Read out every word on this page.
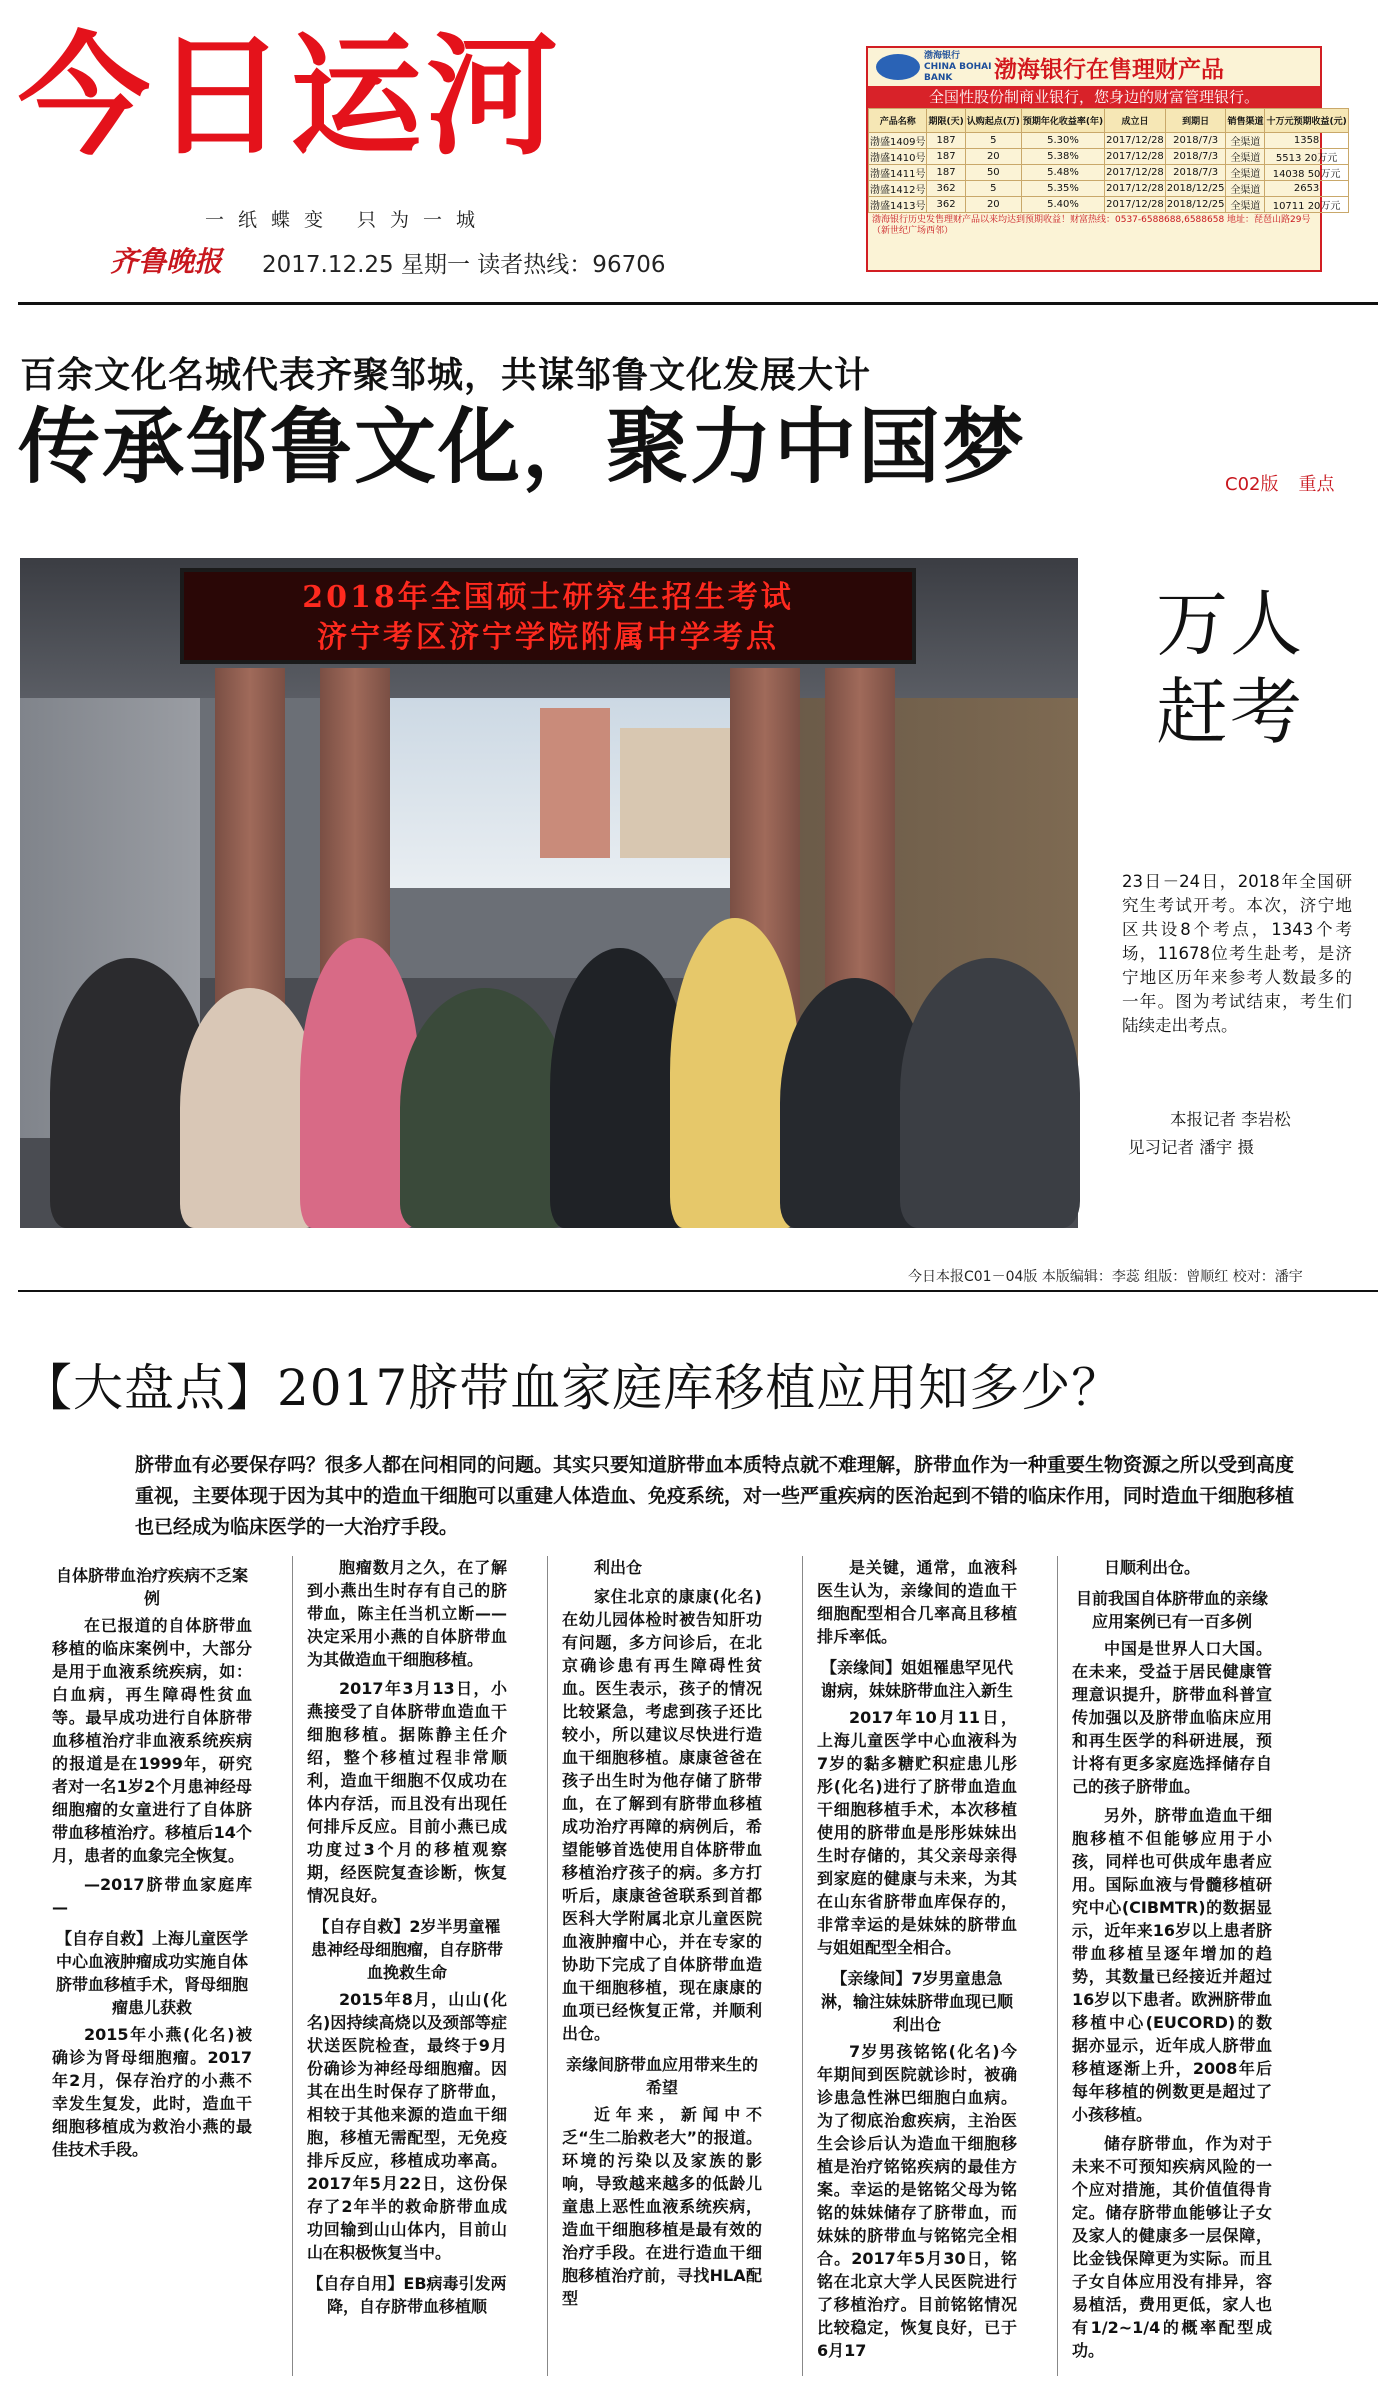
今日运河
一纸蝶变 只为一城
齐鲁晚报 2017.12.25 星期一 读者热线：96706
渤海银行 CHINA BOHAI BANK	渤海银行在售理财产品
全国性股份制商业银行，您身边的财富管理银行。
产品名称	期限(天)	认购起点(万)	预期年化收益率(年)	成立日	到期日	销售渠道	十万元预期收益(元)
渤盛1409号	187	5	5.30%	2017/12/28	2018/7/3	全渠道	1358
渤盛1410号	187	20	5.38%	2017/12/28	2018/7/3	全渠道	5513 20万元
渤盛1411号	187	50	5.48%	2017/12/28	2018/7/3	全渠道	14038 50万元
渤盛1412号	362	5	5.35%	2017/12/28	2018/12/25	全渠道	2653
渤盛1413号	362	20	5.40%	2017/12/28	2018/12/25	全渠道	10711 20万元
渤海银行历史发售理财产品以来均达到预期收益！财富热线：0537-6588688,6588658 地址：琵琶山路29号（新世纪广场西邻）
百余文化名城代表齐聚邹城，共谋邹鲁文化发展大计
传承邹鲁文化，聚力中国梦	C02版 重点
2018年全国硕士研究生招生考试
济宁考区济宁学院附属中学考点	万人
赶考
23日－24日，2018年全国研究生考试开考。本次，济宁地区共设8个考点，1343个考场，11678位考生赴考，是济宁地区历年来参考人数最多的一年。图为考试结束，考生们陆续走出考点。
本报记者 李岩松
见习记者 潘宇 摄
今日本报C01－04版 本版编辑：李蕊 组版：曾顺红 校对：潘宇
【大盘点】2017脐带血家庭库移植应用知多少？
脐带血有必要保存吗？很多人都在问相同的问题。其实只要知道脐带血本质特点就不难理解，脐带血作为一种重要生物资源之所以受到高度重视，主要体现于因为其中的造血干细胞可以重建人体造血、免疫系统，对一些严重疾病的医治起到不错的临床作用，同时造血干细胞移植也已经成为临床医学的一大治疗手段。
自体脐带血治疗疾病不乏案例

在已报道的自体脐带血移植的临床案例中，大部分是用于血液系统疾病，如：白血病，再生障碍性贫血等。最早成功进行自体脐带血移植治疗非血液系统疾病的报道是在1999年，研究者对一名1岁2个月患神经母细胞瘤的女童进行了自体脐带血移植治疗。移植后14个月，患者的血象完全恢复。

—2017脐带血家庭库—

【自存自救】上海儿童医学中心血液肿瘤成功实施自体脐带血移植手术，肾母细胞瘤患儿获救

2015年小燕(化名)被确诊为肾母细胞瘤。2017年2月，保存治疗的小燕不幸发生复发，此时，造血干细胞移植成为救治小燕的最佳技术手段。

胞瘤数月之久，在了解到小燕出生时存有自己的脐带血，陈主任当机立断——决定采用小燕的自体脐带血为其做造血干细胞移植。

2017年3月13日，小燕接受了自体脐带血造血干细胞移植。据陈静主任介绍，整个移植过程非常顺利，造血干细胞不仅成功在体内存活，而且没有出现任何排斥反应。目前小燕已成功度过3个月的移植观察期，经医院复查诊断，恢复情况良好。

【自存自救】2岁半男童罹患神经母细胞瘤，自存脐带血挽救生命

2015年8月，山山(化名)因持续高烧以及颈部等症状送医院检查，最终于9月份确诊为神经母细胞瘤。因其在出生时保存了脐带血，相较于其他来源的造血干细胞，移植无需配型，无免疫排斥反应，移植成功率高。2017年5月22日，这份保存了2年半的救命脐带血成功回输到山山体内，目前山山在积极恢复当中。

【自存自用】EB病毒引发两降，自存脐带血移植顺

利出仓

家住北京的康康(化名)在幼儿园体检时被告知肝功有问题，多方问诊后，在北京确诊患有再生障碍性贫血。医生表示，孩子的情况比较紧急，考虑到孩子还比较小，所以建议尽快进行造血干细胞移植。康康爸爸在孩子出生时为他存储了脐带血，在了解到有脐带血移植成功治疗再障的病例后，希望能够首选使用自体脐带血移植治疗孩子的病。多方打听后，康康爸爸联系到首都医科大学附属北京儿童医院血液肿瘤中心，并在专家的协助下完成了自体脐带血造血干细胞移植，现在康康的血项已经恢复正常，并顺利出仓。

亲缘间脐带血应用带来生的希望

近年来，新闻中不乏“生二胎救老大”的报道。环境的污染以及家族的影响，导致越来越多的低龄儿童患上恶性血液系统疾病，造血干细胞移植是最有效的治疗手段。在进行造血干细胞移植治疗前，寻找HLA配型

是关键，通常，血液科医生认为，亲缘间的造血干细胞配型相合几率高且移植排斥率低。

【亲缘间】姐姐罹患罕见代谢病，妹妹脐带血注入新生

2017年10月11日，上海儿童医学中心血液科为7岁的黏多糖贮积症患儿彤彤(化名)进行了脐带血造血干细胞移植手术，本次移植使用的脐带血是彤彤妹妹出生时存储的，其父亲母亲得到家庭的健康与未来，为其在山东省脐带血库保存的，非常幸运的是妹妹的脐带血与姐姐配型全相合。

【亲缘间】7岁男童患急淋，输注妹妹脐带血现已顺利出仓

7岁男孩铭铭(化名)今年期间到医院就诊时，被确诊患急性淋巴细胞白血病。为了彻底治愈疾病，主治医生会诊后认为造血干细胞移植是治疗铭铭疾病的最佳方案。幸运的是铭铭父母为铭铭的妹妹储存了脐带血，而妹妹的脐带血与铭铭完全相合。2017年5月30日，铭铭在北京大学人民医院进行了移植治疗。目前铭铭情况比较稳定，恢复良好，已于6月17

日顺利出仓。

目前我国自体脐带血的亲缘应用案例已有一百多例

中国是世界人口大国。在未来，受益于居民健康管理意识提升，脐带血科普宣传加强以及脐带血临床应用和再生医学的科研进展，预计将有更多家庭选择储存自己的孩子脐带血。

另外，脐带血造血干细胞移植不但能够应用于小孩，同样也可供成年患者应用。国际血液与骨髓移植研究中心(CIBMTR)的数据显示，近年来16岁以上患者脐带血移植呈逐年增加的趋势，其数量已经接近并超过16岁以下患者。欧洲脐带血移植中心(EUCORD)的数据亦显示，近年成人脐带血移植逐渐上升，2008年后每年移植的例数更是超过了小孩移植。

储存脐带血，作为对于未来不可预知疾病风险的一个应对措施，其价值值得肯定。储存脐带血能够让子女及家人的健康多一层保障，比金钱保障更为实际。而且子女自体应用没有排异，容易植活，费用更低，家人也有1/2~1/4的概率配型成功。
